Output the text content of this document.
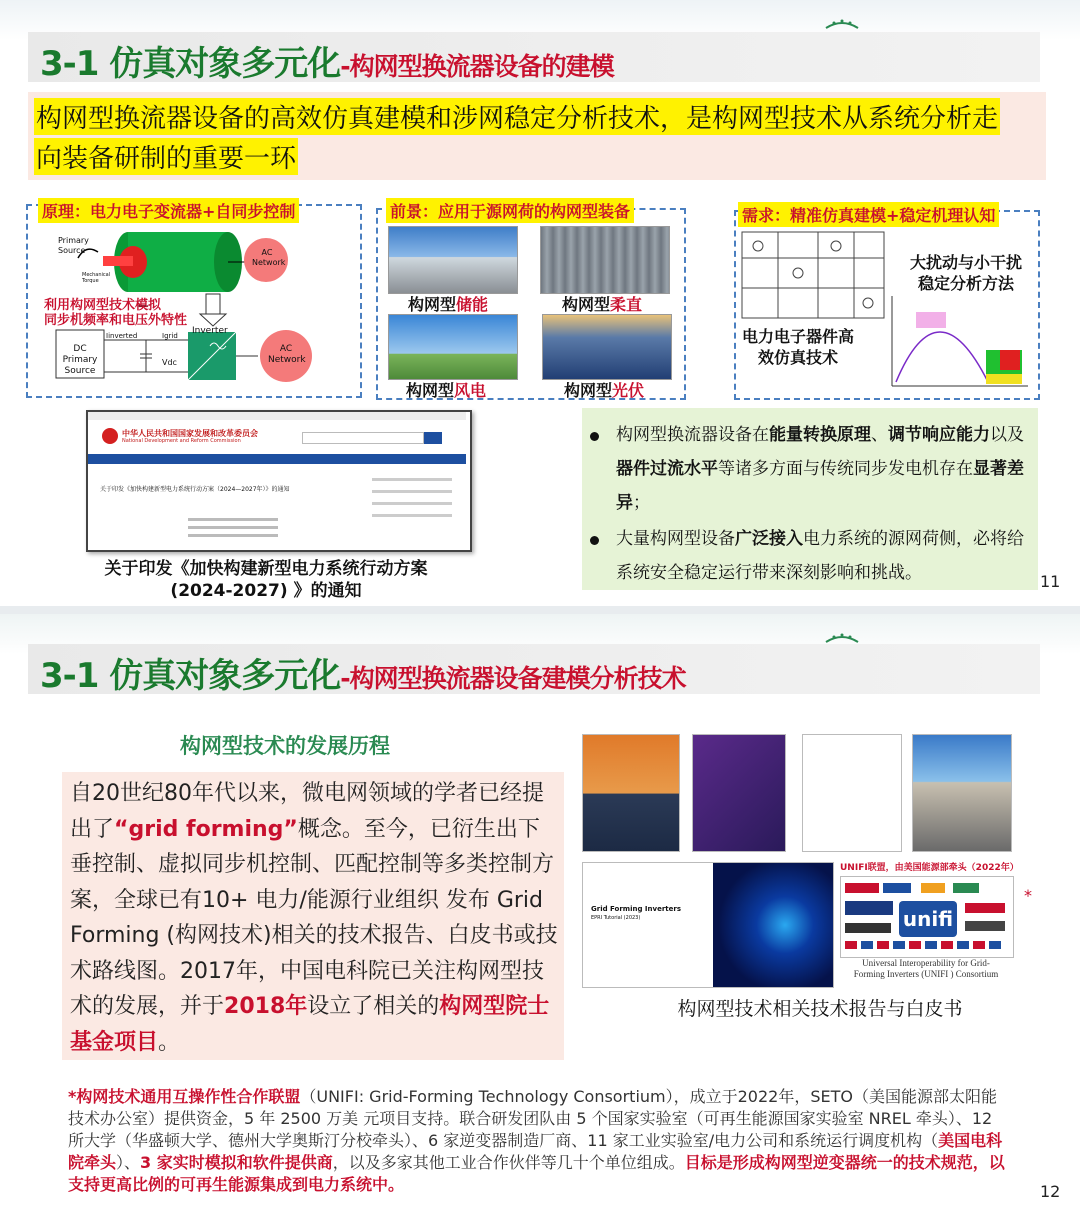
3-1 仿真对象多元化-构网型换流器设备的建模
构网型换流器设备的高效仿真建模和涉网稳定分析技术，是构网型技术从系统分析走
向装备研制的重要一环
原理：电力电子变流器+自同步控制
Primary Source
Mechanical Torque
AC Network
利用构网型技术模拟
同步机频率和电压外特性
DC Primary Source
Inverter
Iinverted	Igrid
Vdc
AC Network
前景：应用于源网荷的构网型装备
构网型储能	构网型柔直
构网型风电	构网型光伏
需求：精准仿真建模+稳定机理认知
大扰动与小干扰
稳定分析方法
电力电子器件高
效仿真技术
中华人民共和国国家发展和改革委员会
National Development and Reform Commission
关于印发《加快构建新型电力系统行动方案（2024—2027年）》的通知
关于印发《加快构建新型电力系统行动方案
(2024-2027) 》的通知
构网型换流器设备在能量转换原理、调节响应能力以及器件过流水平等诸多方面与传统同步发电机存在显著差异；
大量构网型设备广泛接入电力系统的源网荷侧，必将给系统安全稳定运行带来深刻影响和挑战。	11
3-1 仿真对象多元化-构网型换流器设备建模分析技术
构网型技术的发展历程
自20世纪80年代以来，微电网领域的学者已经提出了“grid forming”概念。至今，已衍生出下垂控制、虚拟同步机控制、匹配控制等多类控制方案，全球已有10+ 电力/能源行业组织 发布 Grid Forming (构网技术)相关的技术报告、白皮书或技术路线图。2017年，中国电科院已关注构网型技术的发展，并于2018年设立了相关的构网型院士基金项目。
Grid Forming Inverters
EPRI Tutorial (2023)
UNIFI联盟，由美国能源部牵头（2022年）
unifi
Universal Interoperability for Grid-
Forming Inverters (UNIFI ) Consortium
*
构网型技术相关技术报告与白皮书
*构网技术通用互操作性合作联盟（UNIFI: Grid-Forming Technology Consortium），成立于2022年，SETO（美国能源部太阳能技术办公室）提供资金，5 年 2500 万美 元项目支持。联合研发团队由 5 个国家实验室（可再生能源国家实验室 NREL 牵头）、12 所大学（华盛顿大学、德州大学奥斯汀分校牵头）、6 家逆变器制造厂商、11 家工业实验室/电力公司和系统运行调度机构（美国电科院牵头）、3 家实时模拟和软件提供商，以及多家其他工业合作伙伴等几十个单位组成。目标是形成构网型逆变器统一的技术规范，以支持更高比例的可再生能源集成到电力系统中。	12
